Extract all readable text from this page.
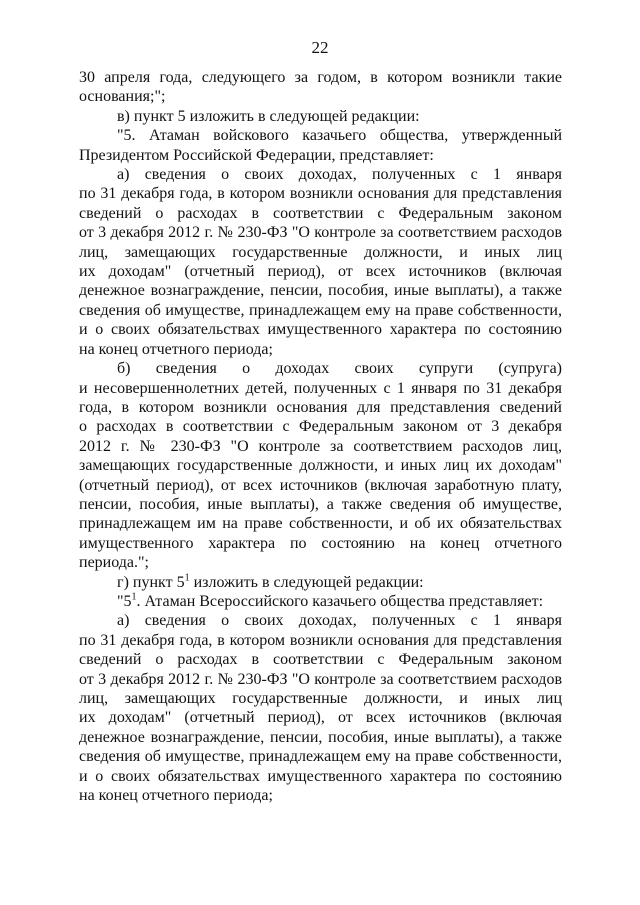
22
30 апреля года, следующего за годом, в котором возникли такие
основания;";
в) пункт 5 изложить в следующей редакции:
"5. Атаман войскового казачьего общества, утвержденный
Президентом Российской Федерации, представляет:
а) сведения о своих доходах, полученных с 1 января
по 31 декабря года, в котором возникли основания для представления
сведений о расходах в соответствии с Федеральным законом
от 3 декабря 2012 г. № 230-ФЗ "О контроле за соответствием расходов
лиц, замещающих государственные должности, и иных лиц
их доходам" (отчетный период), от всех источников (включая
денежное вознаграждение, пенсии, пособия, иные выплаты), а также
сведения об имуществе, принадлежащем ему на праве собственности,
и о своих обязательствах имущественного характера по состоянию
на конец отчетного периода;
б) сведения о доходах своих супруги (супруга)
и несовершеннолетних детей, полученных с 1 января по 31 декабря
года, в котором возникли основания для представления сведений
о расходах в соответствии с Федеральным законом от 3 декабря
2012 г. № 230-ФЗ "О контроле за соответствием расходов лиц,
замещающих государственные должности, и иных лиц их доходам"
(отчетный период), от всех источников (включая заработную плату,
пенсии, пособия, иные выплаты), а также сведения об имуществе,
принадлежащем им на праве собственности, и об их обязательствах
имущественного характера по состоянию на конец отчетного
периода.";
г) пункт $5^1$ изложить в следующей редакции:
"$5^1$. Атаман Всероссийского казачьего общества представляет:
а) сведения о своих доходах, полученных с 1 января
по 31 декабря года, в котором возникли основания для представления
сведений о расходах в соответствии с Федеральным законом
от 3 декабря 2012 г. № 230-ФЗ "О контроле за соответствием расходов
лиц, замещающих государственные должности, и иных лиц
их доходам" (отчетный период), от всех источников (включая
денежное вознаграждение, пенсии, пособия, иные выплаты), а также
сведения об имуществе, принадлежащем ему на праве собственности,
и о своих обязательствах имущественного характера по состоянию
на конец отчетного периода;
